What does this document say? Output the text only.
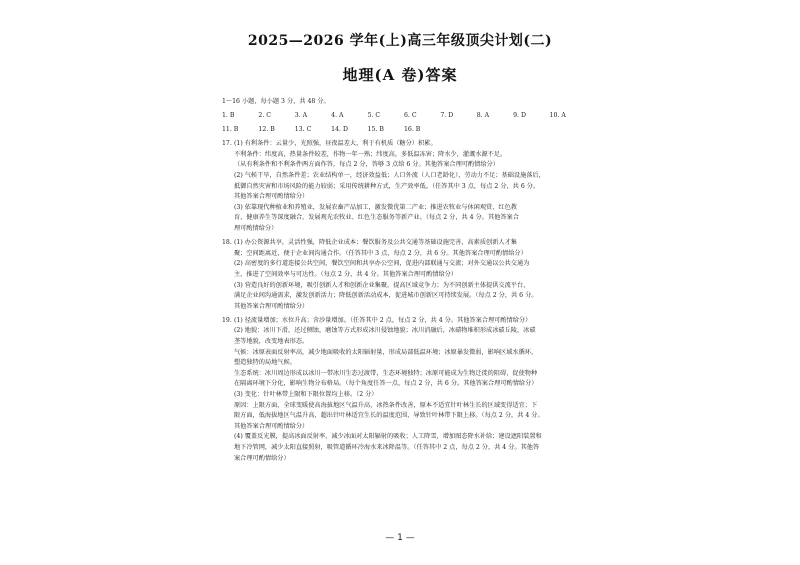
2025—2026 学年(上)高三年级顶尖计划(二)
地理(A 卷)答案

1～16 小题，每小题 3 分，共 48 分。

1. B	2. C	3. A	4. A	5. C	6. C	7. D	8. A	9. D	10. A
11. B	12. B	13. C	14. D	15. B	16. B

17. (1) 有利条件：云量少，光照强，昼夜温差大，利于有机质（糖分）积累。

不利条件：纬度高，热量条件较差，作物一年一熟；纬度高，多低温冻害；降水少，灌溉水源不足。

（从有利条件和不利条件两方面作答，每点 2 分，答够 3 点给 6 分。其他答案合理可酌情给分）

(2) 气候干旱，自然条件差；农业结构单一，经济效益低；人口外流（人口老龄化），劳动力不足；基础设施落后，

抵御自然灾害和市场风险的能力较弱；采用传统耕种方式，生产效率低。（任答其中 3 点，每点 2 分，共 6 分。

其他答案合理可酌情给分）

(3) 依靠现代种植业和养殖业，发展农畜产品加工，激发微优第二产业；推进农牧业与休闲观赏、红色教

育、健康养生等深度融合，发展观光农牧业、红色生态服务等新产业。（每点 2 分，共 4 分。其他答案合

理可酌情给分）

18. (1) 办公资源共享，灵活性强，降低企业成本；餐饮服务及公共交通等基础设施完善，高素质创新人才集

聚；空间距离近，便于企业间沟通合作。（任答其中 3 点，每点 2 分，共 6 分。其他答案合理可酌情给分）

(2) 高密度的多行道连接公共空间，餐饮空间和共享办公空间，促进内部联通与交流；对外交通以公共交通为

主，推进了空间效率与可达性。（每点 2 分，共 4 分。其他答案合理可酌情给分）

(3) 营造良好的创新环境，吸引创新人才和创新企业集聚，提高区域竞争力；为不同创新主体提供交流平台，

满足企业间沟通需求，激发创新活力；降低创新活动成本，促进城市创新区可持续发展。（每点 2 分，共 6 分。

其他答案合理可酌情给分）

19. (1) 径流量增加；水位升高；含沙量增加。（任答其中 2 点，每点 2 分，共 4 分。其他答案合理可酌情给分）

(2) 地貌：冰川下滑，还过侧蚀，磨蚀等方式形成冰川侵蚀地貌；冰川消融后，冰碛物堆积形成冰碛丘陵，冰碛

垄等地貌，改变地表形态。

气候：冰原表面反射率高，减少地面吸收的太阳辐射量，形成局部低温环境；冰原暴发微弱，影响区域水循环，

塑造独特的局地气候。

生态系统：冰川周边形成以冰川一带冰川生态过渡带，生态环境独特；冰原可能成为生物迁徙的阻碍，促使物种

在隔离环境下分化，影响生物分布格局。（每个角度任答一点，每点 2 分，共 6 分。其他答案合理可酌情给分）

(3) 变化：针叶林带上限和下限位置均上移。（2 分）

原因：上限方面，全球变暖使高海拔地区气温升高，冰热条件改善，原本不适宜针叶林生长的区域变得适宜；下

限方面，低海拔地区气温升高，超出针叶林适宜生长的温度范围，导致针叶林带下限上移。（每点 2 分，共 4 分。

其他答案合理可酌情给分）

(4) 覆盖反光膜，提高冰面反射率，减少冰面对太阳辐射的吸收；人工降雪，增加图态降水补给；建设遮阳装置和

地下冷管网，减少太阳直接照射，吸管道循环冷海水来冰降温等。（任答其中 2 点，每点 2 分，共 4 分。其他答

案合理可酌情给分）

— 1 —
